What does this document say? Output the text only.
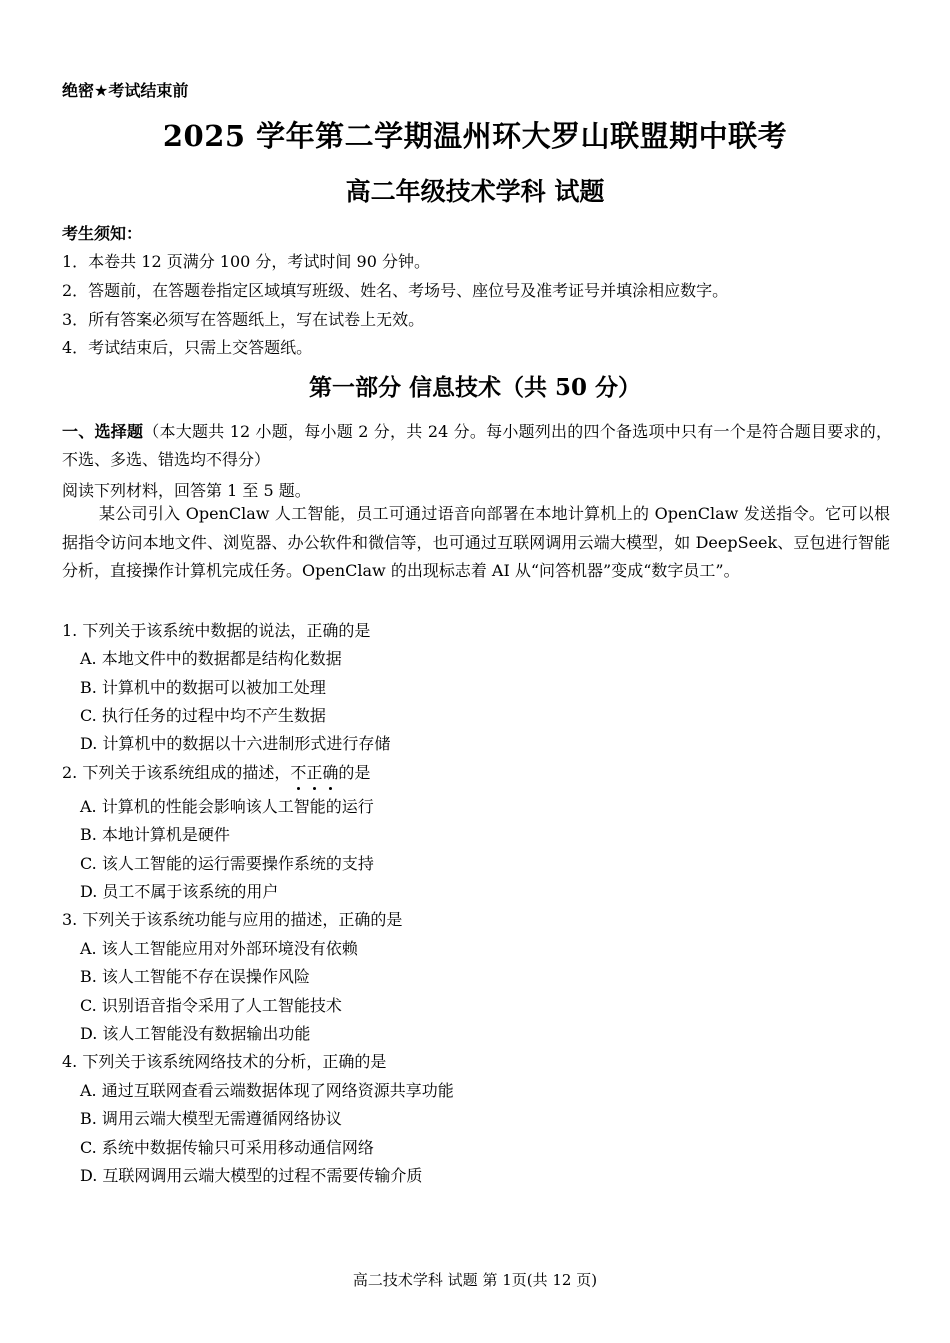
绝密★考试结束前
2025 学年第二学期温州环大罗山联盟期中联考
高二年级技术学科 试题
考生须知：
1．本卷共 12 页满分 100 分，考试时间 90 分钟。
2．答题前，在答题卷指定区域填写班级、姓名、考场号、座位号及准考证号并填涂相应数字。
3．所有答案必须写在答题纸上，写在试卷上无效。
4．考试结束后，只需上交答题纸。
第一部分 信息技术（共 50 分）
一、选择题（本大题共 12 小题，每小题 2 分，共 24 分。每小题列出的四个备选项中只有一个是符合题目要求的，不选、多选、错选均不得分）
阅读下列材料，回答第 1 至 5 题。
某公司引入 OpenClaw 人工智能，员工可通过语音向部署在本地计算机上的 OpenClaw 发送指令。它可以根据指令访问本地文件、浏览器、办公软件和微信等，也可通过互联网调用云端大模型，如 DeepSeek、豆包进行智能分析，直接操作计算机完成任务。OpenClaw 的出现标志着 AI 从“问答机器”变成“数字员工”。
1. 下列关于该系统中数据的说法，正确的是
A. 本地文件中的数据都是结构化数据
B. 计算机中的数据可以被加工处理
C. 执行任务的过程中均不产生数据
D. 计算机中的数据以十六进制形式进行存储
2. 下列关于该系统组成的描述，不正确的是
A. 计算机的性能会影响该人工智能的运行
B. 本地计算机是硬件
C. 该人工智能的运行需要操作系统的支持
D. 员工不属于该系统的用户
3. 下列关于该系统功能与应用的描述，正确的是
A. 该人工智能应用对外部环境没有依赖
B. 该人工智能不存在误操作风险
C. 识别语音指令采用了人工智能技术
D. 该人工智能没有数据输出功能
4. 下列关于该系统网络技术的分析，正确的是
A. 通过互联网查看云端数据体现了网络资源共享功能
B. 调用云端大模型无需遵循网络协议
C. 系统中数据传输只可采用移动通信网络
D. 互联网调用云端大模型的过程不需要传输介质
高二技术学科 试题 第 1页(共 12 页)
